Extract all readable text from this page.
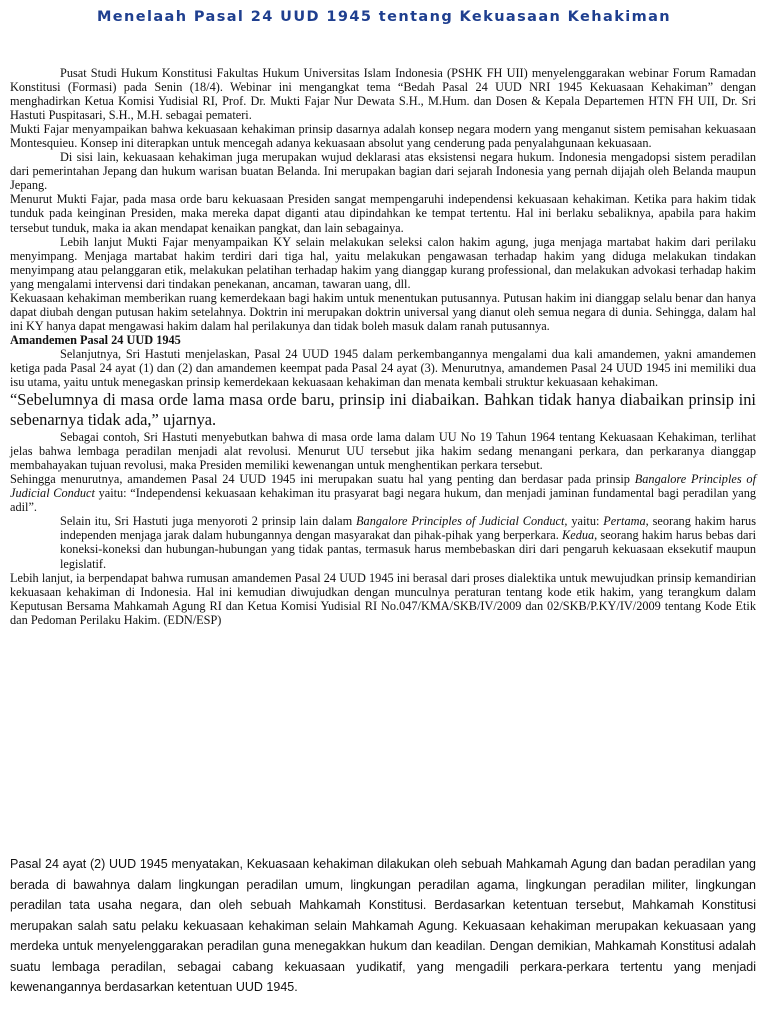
Menelaah Pasal 24 UUD 1945 tentang Kekuasaan Kehakiman

Pusat Studi Hukum Konstitusi Fakultas Hukum Universitas Islam Indonesia (PSHK FH UII) menyelenggarakan webinar Forum Ramadan Konstitusi (Formasi) pada Senin (18/4). Webinar ini mengangkat tema “Bedah Pasal 24 UUD NRI 1945 Kekuasaan Kehakiman” dengan menghadirkan Ketua Komisi Yudisial RI, Prof. Dr. Mukti Fajar Nur Dewata S.H., M.Hum. dan Dosen & Kepala Departemen HTN FH UII, Dr. Sri Hastuti Puspitasari, S.H., M.H. sebagai pemateri.

Mukti Fajar menyampaikan bahwa kekuasaan kehakiman prinsip dasarnya adalah konsep negara modern yang menganut sistem pemisahan kekuasaan Montesquieu. Konsep ini diterapkan untuk mencegah adanya kekuasaan absolut yang cenderung pada penyalahgunaan kekuasaan.

Di sisi lain, kekuasaan kehakiman juga merupakan wujud deklarasi atas eksistensi negara hukum. Indonesia mengadopsi sistem peradilan dari pemerintahan Jepang dan hukum warisan buatan Belanda. Ini merupakan bagian dari sejarah Indonesia yang pernah dijajah oleh Belanda maupun Jepang.

Menurut Mukti Fajar, pada masa orde baru kekuasaan Presiden sangat mempengaruhi independensi kekuasaan kehakiman. Ketika para hakim tidak tunduk pada keinginan Presiden, maka mereka dapat diganti atau dipindahkan ke tempat tertentu. Hal ini berlaku sebaliknya, apabila para hakim tersebut tunduk, maka ia akan mendapat kenaikan pangkat, dan lain sebagainya.

Lebih lanjut Mukti Fajar menyampaikan KY selain melakukan seleksi calon hakim agung, juga menjaga martabat hakim dari perilaku menyimpang. Menjaga martabat hakim terdiri dari tiga hal, yaitu melakukan pengawasan terhadap hakim yang diduga melakukan tindakan menyimpang atau pelanggaran etik, melakukan pelatihan terhadap hakim yang dianggap kurang professional, dan melakukan advokasi terhadap hakim yang mengalami intervensi dari tindakan penekanan, ancaman, tawaran uang, dll.

Kekuasaan kehakiman memberikan ruang kemerdekaan bagi hakim untuk menentukan putusannya. Putusan hakim ini dianggap selalu benar dan hanya dapat diubah dengan putusan hakim setelahnya. Doktrin ini merupakan doktrin universal yang dianut oleh semua negara di dunia. Sehingga, dalam hal ini KY hanya dapat mengawasi hakim dalam hal perilakunya dan tidak boleh masuk dalam ranah putusannya.

Amandemen Pasal 24 UUD 1945

Selanjutnya, Sri Hastuti menjelaskan, Pasal 24 UUD 1945 dalam perkembangannya mengalami dua kali amandemen, yakni amandemen ketiga pada Pasal 24 ayat (1) dan (2) dan amandemen keempat pada Pasal 24 ayat (3). Menurutnya, amandemen Pasal 24 UUD 1945 ini memiliki dua isu utama, yaitu untuk menegaskan prinsip kemerdekaan kekuasaan kehakiman dan menata kembali struktur kekuasaan kehakiman.

“Sebelumnya di masa orde lama masa orde baru, prinsip ini diabaikan. Bahkan tidak hanya diabaikan prinsip ini sebenarnya tidak ada,” ujarnya.

Sebagai contoh, Sri Hastuti menyebutkan bahwa di masa orde lama dalam UU No 19 Tahun 1964 tentang Kekuasaan Kehakiman, terlihat jelas bahwa lembaga peradilan menjadi alat revolusi. Menurut UU tersebut jika hakim sedang menangani perkara, dan perkaranya dianggap membahayakan tujuan revolusi, maka Presiden memiliki kewenangan untuk menghentikan perkara tersebut.

Sehingga menurutnya, amandemen Pasal 24 UUD 1945 ini merupakan suatu hal yang penting dan berdasar pada prinsip Bangalore Principles of Judicial Conduct yaitu: “Independensi kekuasaan kehakiman itu prasyarat bagi negara hukum, dan menjadi jaminan fundamental bagi peradilan yang adil”.

Selain itu, Sri Hastuti juga menyoroti 2 prinsip lain dalam Bangalore Principles of Judicial Conduct, yaitu: Pertama, seorang hakim harus independen menjaga jarak dalam hubungannya dengan masyarakat dan pihak-pihak yang berperkara. Kedua, seorang hakim harus bebas dari koneksi-koneksi dan hubungan-hubungan yang tidak pantas, termasuk harus membebaskan diri dari pengaruh kekuasaan eksekutif maupun legislatif.

Lebih lanjut, ia berpendapat bahwa rumusan amandemen Pasal 24 UUD 1945 ini berasal dari proses dialektika untuk mewujudkan prinsip kemandirian kekuasaan kehakiman di Indonesia. Hal ini kemudian diwujudkan dengan munculnya peraturan tentang kode etik hakim, yang terangkum dalam Keputusan Bersama Mahkamah Agung RI dan Ketua Komisi Yudisial RI No.047/KMA/SKB/IV/2009 dan 02/SKB/P.KY/IV/2009 tentang Kode Etik dan Pedoman Perilaku Hakim. (EDN/ESP)

Pasal 24 ayat (2) UUD 1945 menyatakan, Kekuasaan kehakiman dilakukan oleh sebuah Mahkamah Agung dan badan peradilan yang berada di bawahnya dalam lingkungan peradilan umum, lingkungan peradilan agama, lingkungan peradilan militer, lingkungan peradilan tata usaha negara, dan oleh sebuah Mahkamah Konstitusi. Berdasarkan ketentuan tersebut, Mahkamah Konstitusi merupakan salah satu pelaku kekuasaan kehakiman selain Mahkamah Agung. Kekuasaan kehakiman merupakan kekuasaan yang merdeka untuk menyelenggarakan peradilan guna menegakkan hukum dan keadilan. Dengan demikian, Mahkamah Konstitusi adalah suatu lembaga peradilan, sebagai cabang kekuasaan yudikatif, yang mengadili perkara-perkara tertentu yang menjadi kewenangannya berdasarkan ketentuan UUD 1945.
